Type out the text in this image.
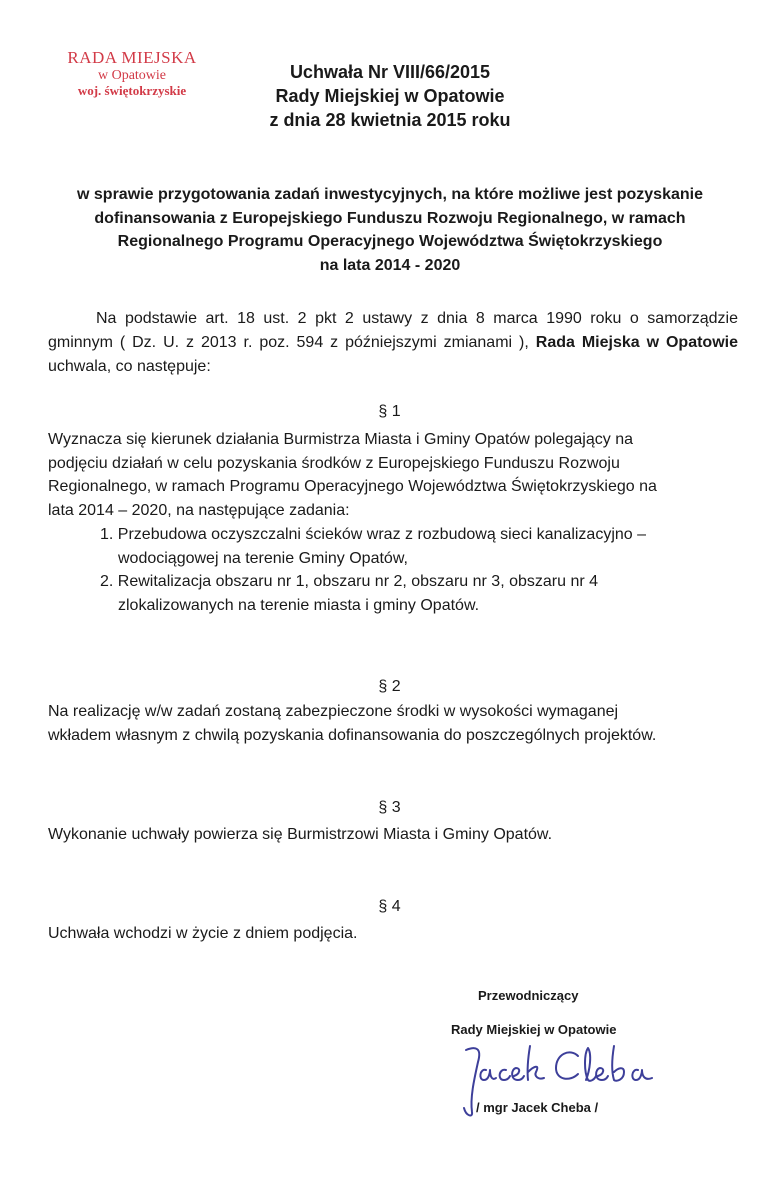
RADA MIEJSKA
w Opatowie
woj. świętokrzyskie
Uchwała Nr VIII/66/2015
Rady Miejskiej w Opatowie
z dnia 28 kwietnia 2015 roku
w sprawie przygotowania zadań inwestycyjnych, na które możliwe jest pozyskanie
dofinansowania z Europejskiego Funduszu Rozwoju Regionalnego, w ramach
Regionalnego Programu Operacyjnego Województwa Świętokrzyskiego
na lata 2014 - 2020
Na podstawie art. 18 ust. 2 pkt 2 ustawy z dnia 8 marca 1990 roku o samorządzie gminnym ( Dz. U. z 2013 r. poz. 594 z późniejszymi zmianami ), Rada Miejska w Opatowie uchwala, co następuje:
§ 1
Wyznacza się kierunek działania Burmistrza Miasta i Gminy Opatów polegający na
podjęciu działań w celu pozyskania środków z Europejskiego Funduszu Rozwoju
Regionalnego, w ramach Programu Operacyjnego Województwa Świętokrzyskiego na
lata 2014 – 2020, na następujące zadania:
1. Przebudowa oczyszczalni ścieków wraz z rozbudową sieci kanalizacyjno –
wodociągowej na terenie Gminy Opatów,
2. Rewitalizacja obszaru nr 1, obszaru nr 2, obszaru nr 3, obszaru nr 4
zlokalizowanych na terenie miasta i gminy Opatów.
§ 2
Na realizację w/w zadań zostaną zabezpieczone środki w wysokości wymaganej
wkładem własnym z chwilą pozyskania dofinansowania do poszczególnych projektów.
§ 3
Wykonanie uchwały powierza się Burmistrzowi Miasta i Gminy Opatów.
§ 4
Uchwała wchodzi w życie z dniem podjęcia.
Przewodniczący
Rady Miejskiej w Opatowie
/ mgr Jacek Cheba /
